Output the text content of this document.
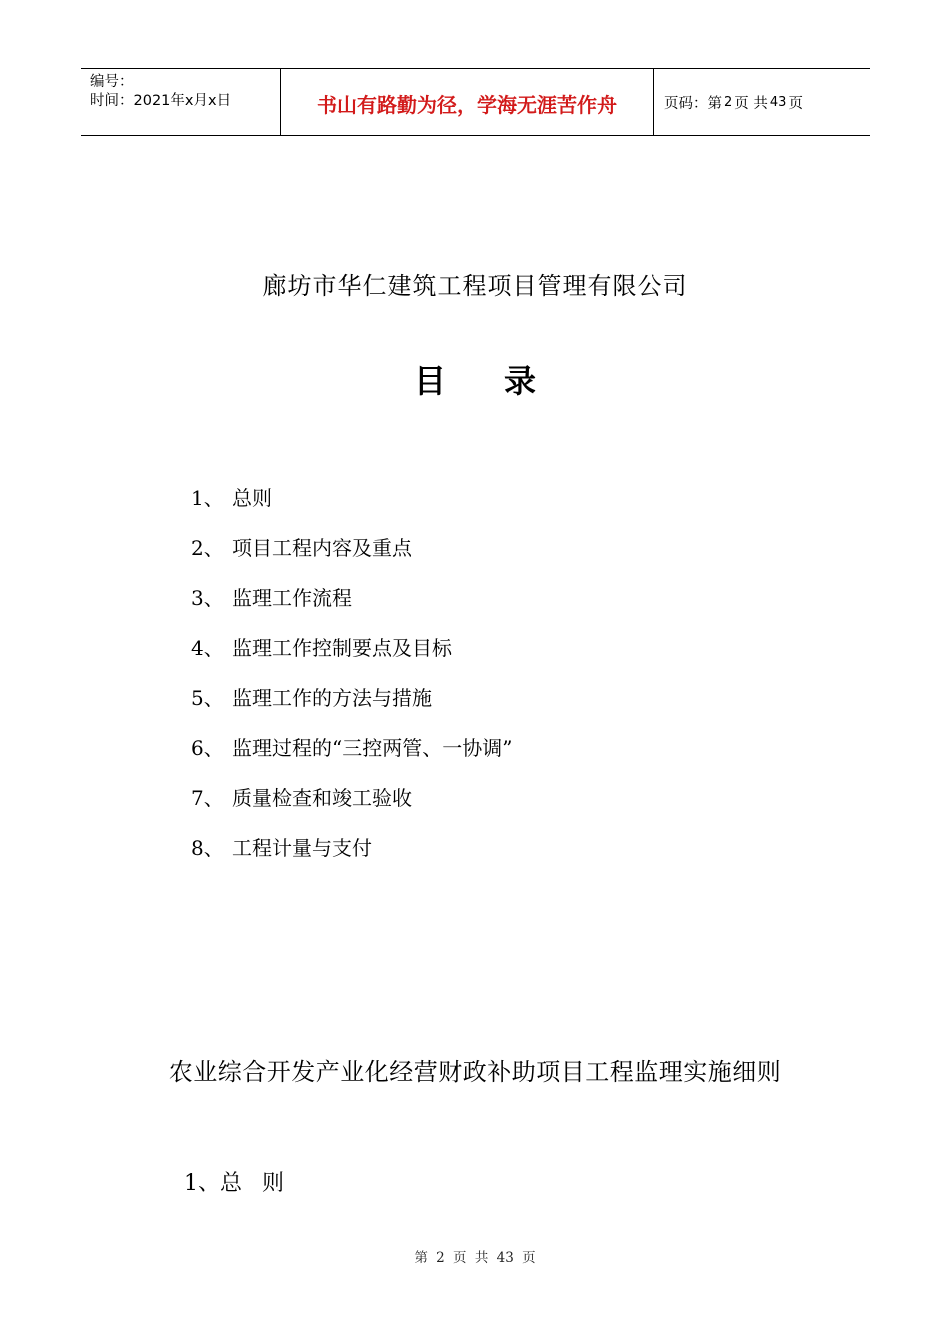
编号：
时间：2021年x月x日	书山有路勤为径，学海无涯苦作舟	页码：第 2 页 共 43 页
廊坊市华仁建筑工程项目管理有限公司
目 录
1、 总则
2、 项目工程内容及重点
3、 监理工作流程
4、 监理工作控制要点及目标
5、 监理工作的方法与措施
6、 监理过程的“三控两管、一协调”
7、 质量检查和竣工验收
8、 工程计量与支付
农业综合开发产业化经营财政补助项目工程监理实施细则
1、总 则
第 2 页 共 43 页
